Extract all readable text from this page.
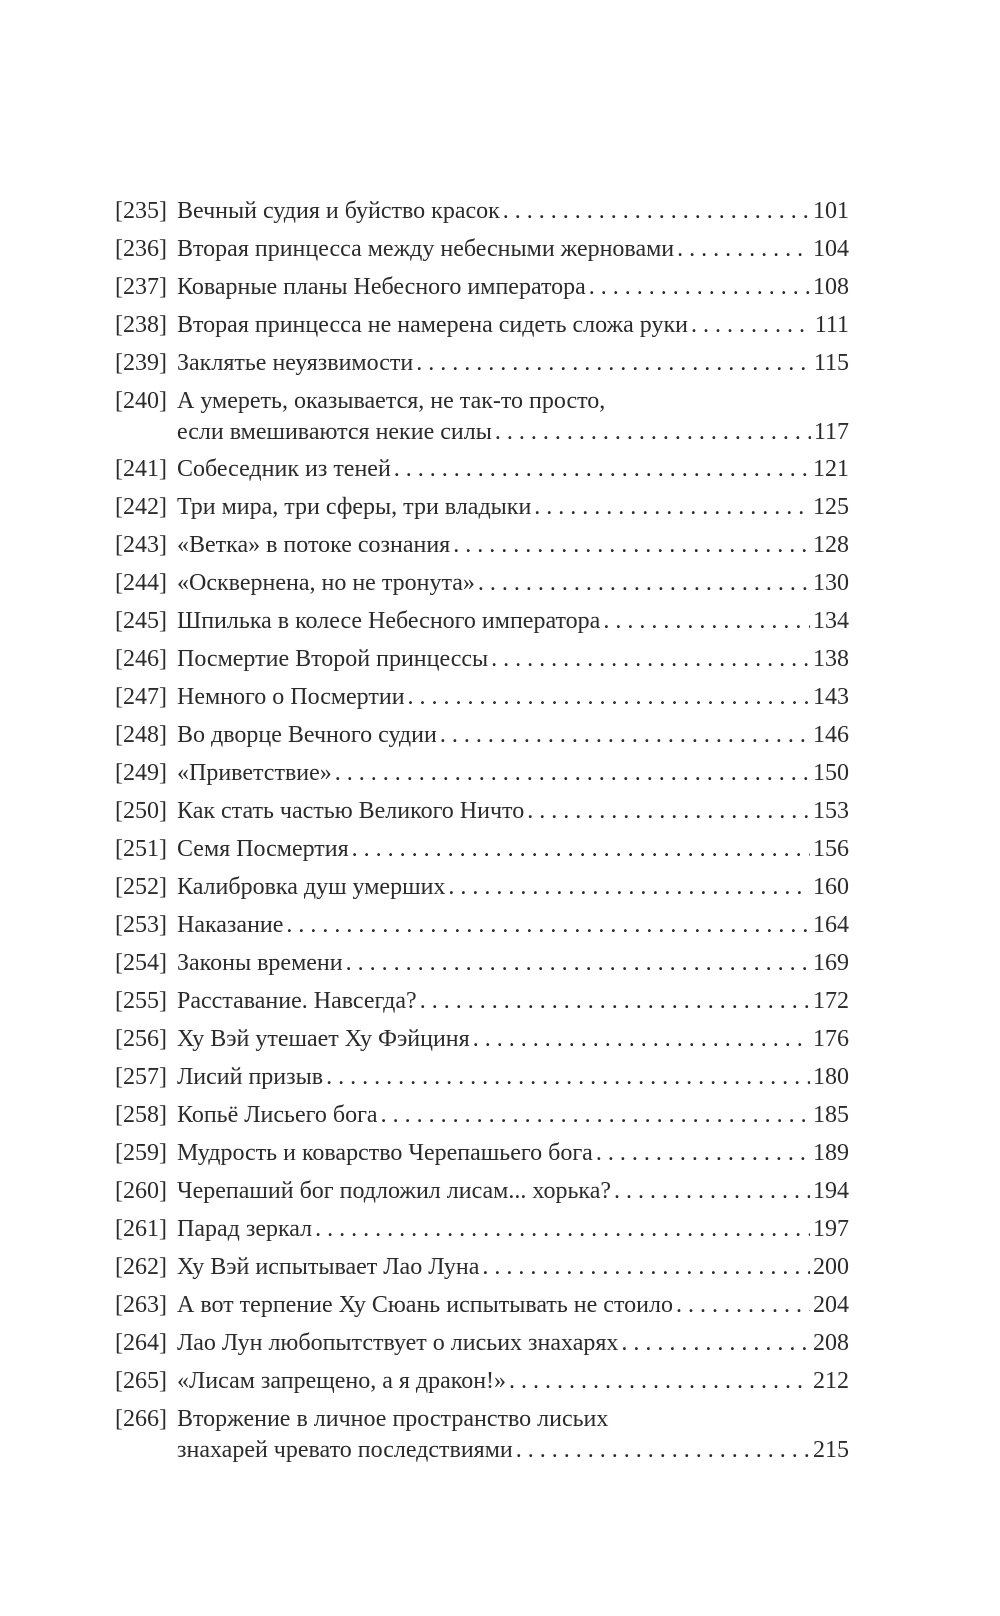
[235] Вечный судия и буйство красок . . .	101
[236] Вторая принцесса между небесными жерновами . . .	104
[237] Коварные планы Небесного императора . . .	108
[238] Вторая принцесса не намерена сидеть сложа руки . . .	111
[239] Заклятье неуязвимости . . .	115
[240] А умереть, оказывается, не так-то просто,
если вмешиваются некие силы . . .	117
[241] Собеседник из теней . . .	121
[242] Три мира, три сферы, три владыки . . .	125
[243] «Ветка» в потоке сознания . . .	128
[244] «Осквернена, но не тронута» . . .	130
[245] Шпилька в колесе Небесного императора . . .	134
[246] Посмертие Второй принцессы . . .	138
[247] Немного о Посмертии . . .	143
[248] Во дворце Вечного судии . . .	146
[249] «Приветствие» . . .	150
[250] Как стать частью Великого Ничто . . .	153
[251] Семя Посмертия . . .	156
[252] Калибровка душ умерших . . .	160
[253] Наказание . . .	164
[254] Законы времени . . .	169
[255] Расставание. Навсегда? . . .	172
[256] Ху Вэй утешает Ху Фэйциня . . .	176
[257] Лисий призыв . . .	180
[258] Копьё Лисьего бога . . .	185
[259] Мудрость и коварство Черепашьего бога . . .	189
[260] Черепаший бог подложил лисам... хорька? . . .	194
[261] Парад зеркал . . .	197
[262] Ху Вэй испытывает Лао Луна . . .	200
[263] А вот терпение Ху Сюань испытывать не стоило . . .	204
[264] Лао Лун любопытствует о лисьих знахарях . . .	208
[265] «Лисам запрещено, а я дракон!» . . .	212
[266] Вторжение в личное пространство лисьих
знахарей чревато последствиями . . .	215
